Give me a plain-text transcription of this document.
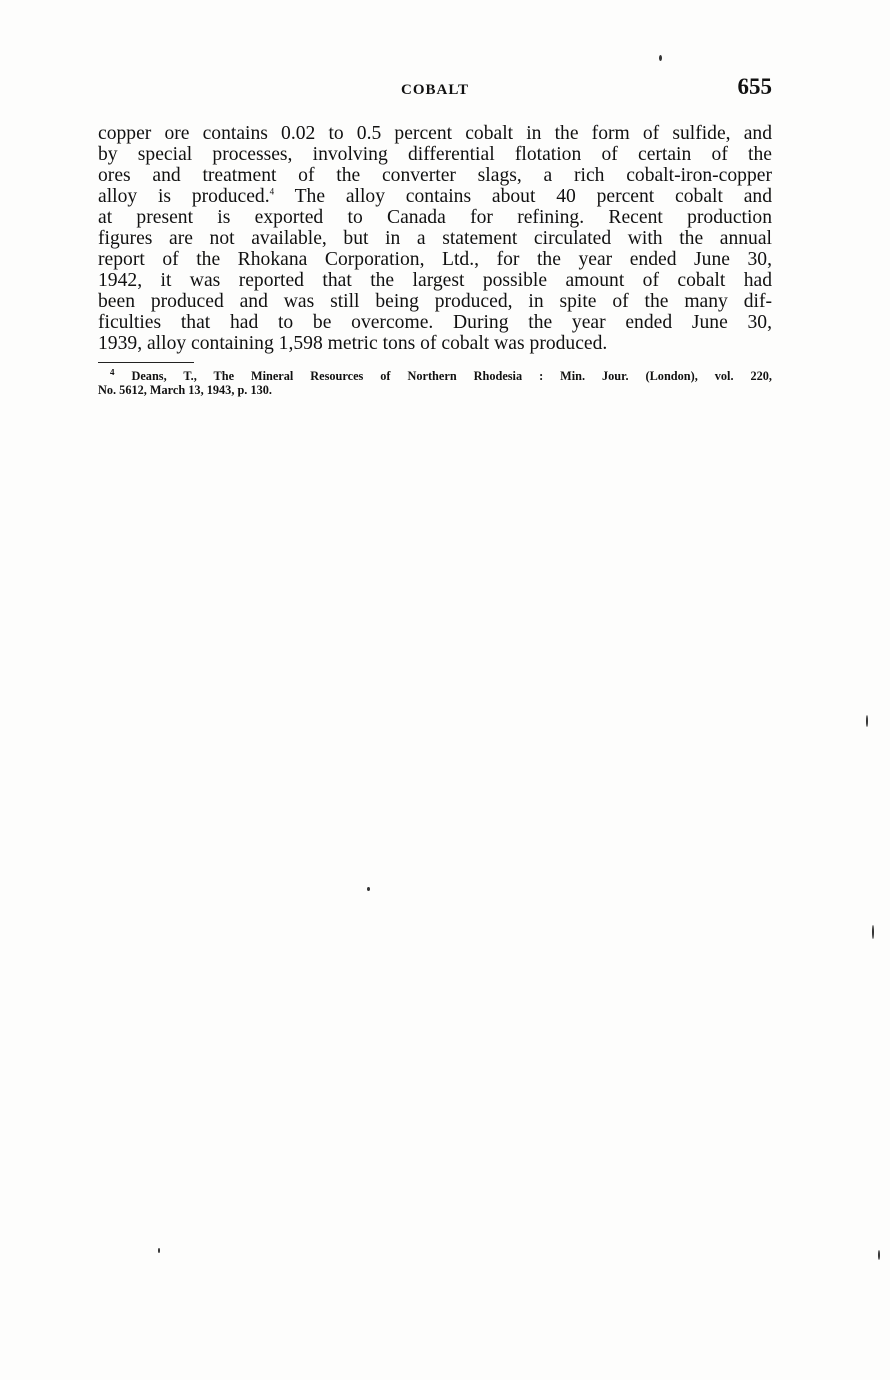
COBALT	655
copper ore contains 0.02 to 0.5 percent cobalt in the form of sulfide, and
by special processes, involving differential flotation of certain of the
ores and treatment of the converter slags, a rich cobalt-iron-copper
alloy is produced.$^4$ The alloy contains about 40 percent cobalt and
at present is exported to Canada for refining. Recent production
figures are not available, but in a statement circulated with the annual
report of the Rhokana Corporation, Ltd., for the year ended June 30,
1942, it was reported that the largest possible amount of cobalt had
been produced and was still being produced, in spite of the many dif-
ficulties that had to be overcome. During the year ended June 30,
1939, alloy containing 1,598 metric tons of cobalt was produced.
$^4$ Deans, T., The Mineral Resources of Northern Rhodesia : Min. Jour. (London), vol. 220,
No. 5612, March 13, 1943, p. 130.
